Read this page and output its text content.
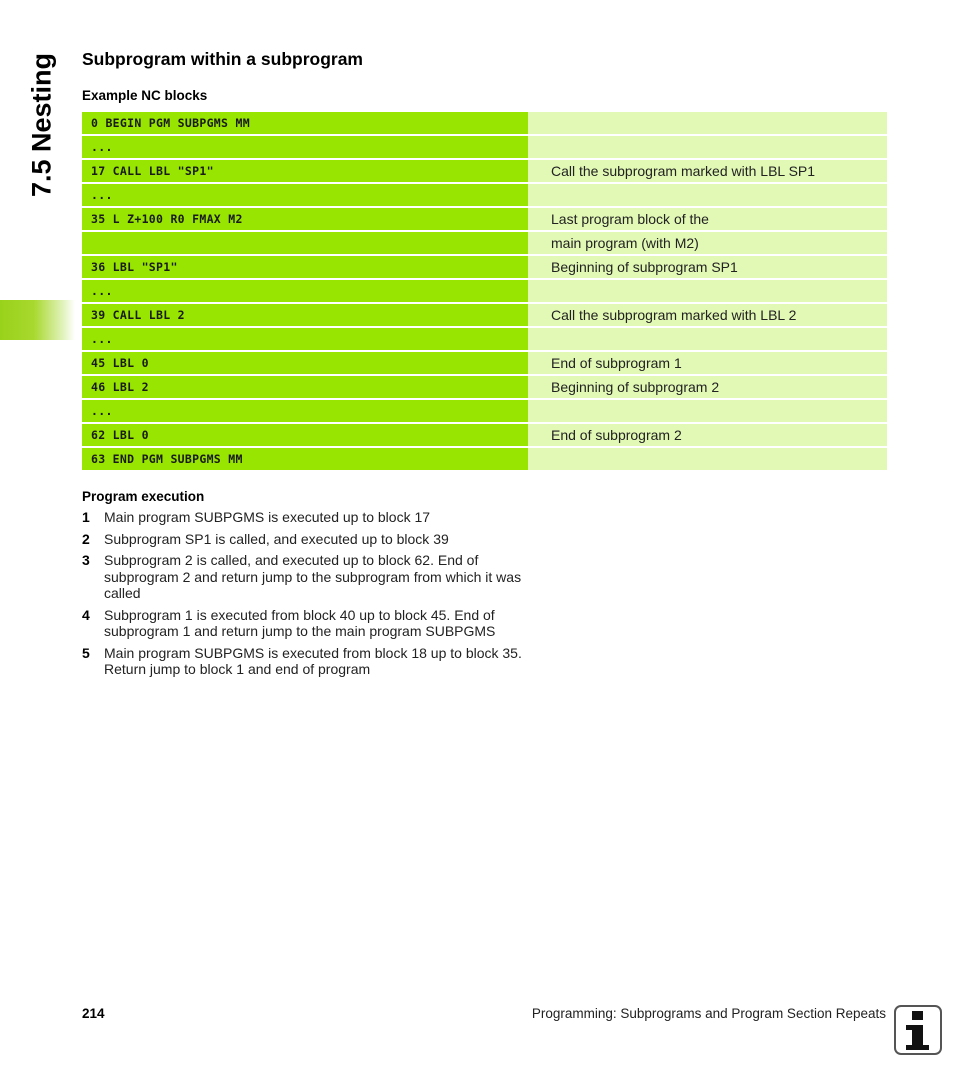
7.5 Nesting Subprogram within a subprogram
Example NC blocks
0 BEGIN PGM SUBPGMS MM
...
17 CALL LBL "SP1"	Call the subprogram marked with LBL SP1
...
35 L Z+100 R0 FMAX M2	Last program block of the
main program (with M2)
36 LBL "SP1"	Beginning of subprogram SP1
...
39 CALL LBL 2	Call the subprogram marked with LBL 2
...
45 LBL 0	End of subprogram 1
46 LBL 2	Beginning of subprogram 2
...
62 LBL 0	End of subprogram 2
63 END PGM SUBPGMS MM
Program execution
1 Main program SUBPGMS is executed up to block 17
2 Subprogram SP1 is called, and executed up to block 39
3 Subprogram 2 is called, and executed up to block 62. End of subprogram 2 and return jump to the subprogram from which it was called
4 Subprogram 1 is executed from block 40 up to block 45. End of subprogram 1 and return jump to the main program SUBPGMS
5 Main program SUBPGMS is executed from block 18 up to block 35. Return jump to block 1 and end of program
214	Programming: Subprograms and Program Section Repeats
